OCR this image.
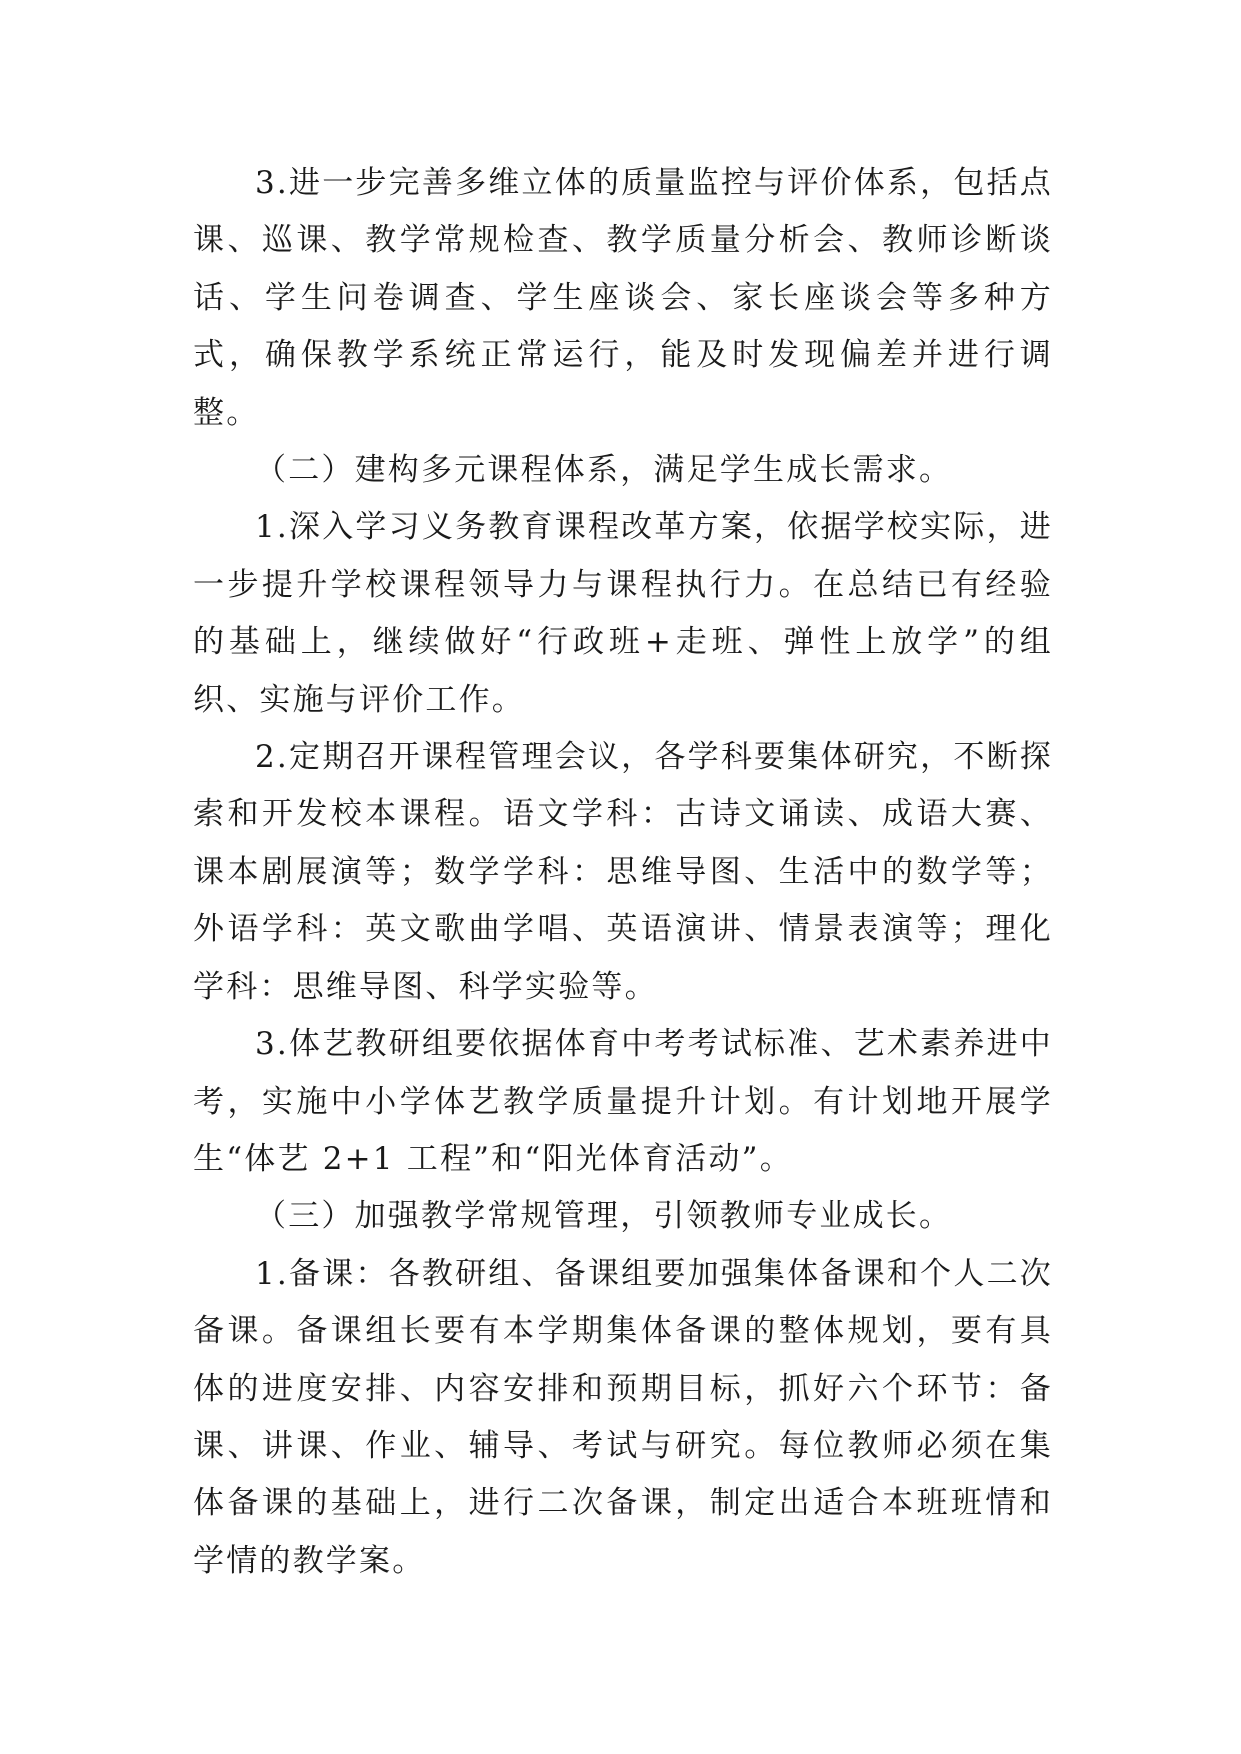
3.进一步完善多维立体的质量监控与评价体系，包括点课、巡课、教学常规检查、教学质量分析会、教师诊断谈话、学生问卷调查、学生座谈会、家长座谈会等多种方式，确保教学系统正常运行，能及时发现偏差并进行调整。

（二）建构多元课程体系，满足学生成长需求。

1.深入学习义务教育课程改革方案，依据学校实际，进一步提升学校课程领导力与课程执行力。在总结已有经验的基础上，继续做好“行政班+走班、弹性上放学”的组织、实施与评价工作。

2.定期召开课程管理会议，各学科要集体研究，不断探索和开发校本课程。语文学科：古诗文诵读、成语大赛、课本剧展演等；数学学科：思维导图、生活中的数学等；外语学科：英文歌曲学唱、英语演讲、情景表演等；理化学科：思维导图、科学实验等。

3.体艺教研组要依据体育中考考试标准、艺术素养进中考，实施中小学体艺教学质量提升计划。有计划地开展学生“体艺 2+1 工程”和“阳光体育活动”。

（三）加强教学常规管理，引领教师专业成长。

1.备课：各教研组、备课组要加强集体备课和个人二次备课。备课组长要有本学期集体备课的整体规划，要有具体的进度安排、内容安排和预期目标，抓好六个环节：备课、讲课、作业、辅导、考试与研究。每位教师必须在集体备课的基础上，进行二次备课，制定出适合本班班情和学情的教学案。
